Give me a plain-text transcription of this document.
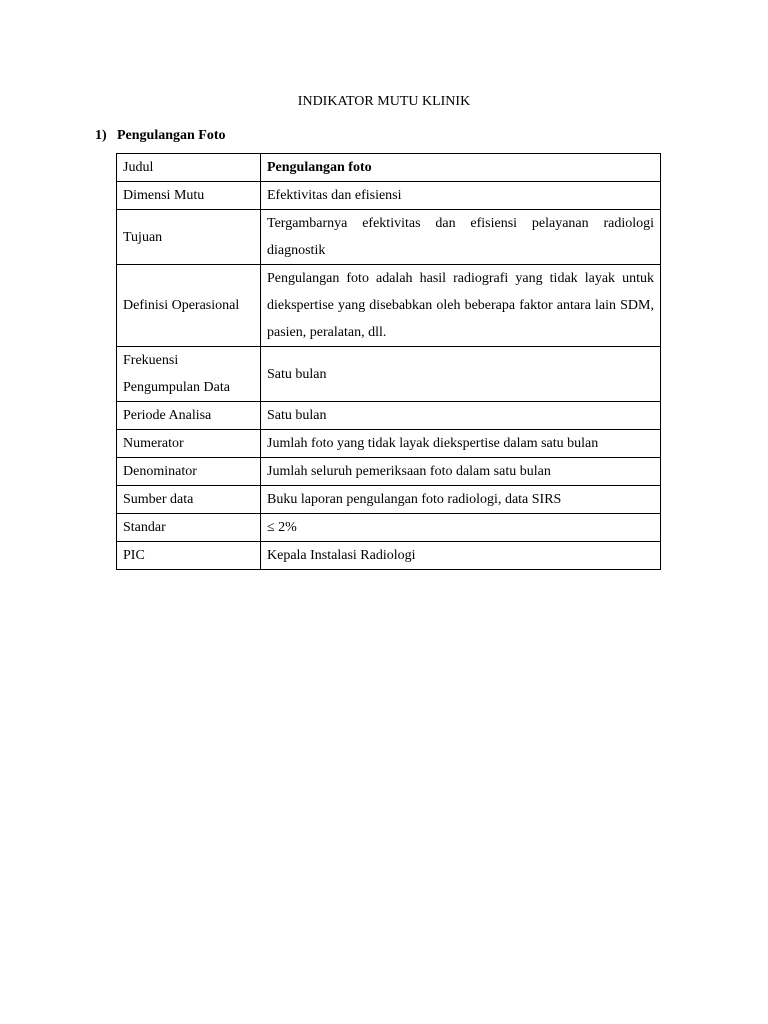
INDIKATOR MUTU KLINIK
1) Pengulangan Foto
Judul	Pengulangan foto
Dimensi Mutu	Efektivitas dan efisiensi
Tujuan	Tergambarnya efektivitas dan efisiensi pelayanan radiologi diagnostik
Definisi Operasional	Pengulangan foto adalah hasil radiografi yang tidak layak untuk diekspertise yang disebabkan oleh beberapa faktor antara lain SDM, pasien, peralatan, dll.
Frekuensi Pengumpulan Data	Satu bulan
Periode Analisa	Satu bulan
Numerator	Jumlah foto yang tidak layak diekspertise dalam satu bulan
Denominator	Jumlah seluruh pemeriksaan foto dalam satu bulan
Sumber data	Buku laporan pengulangan foto radiologi, data SIRS
Standar	≤ 2%
PIC	Kepala Instalasi Radiologi
